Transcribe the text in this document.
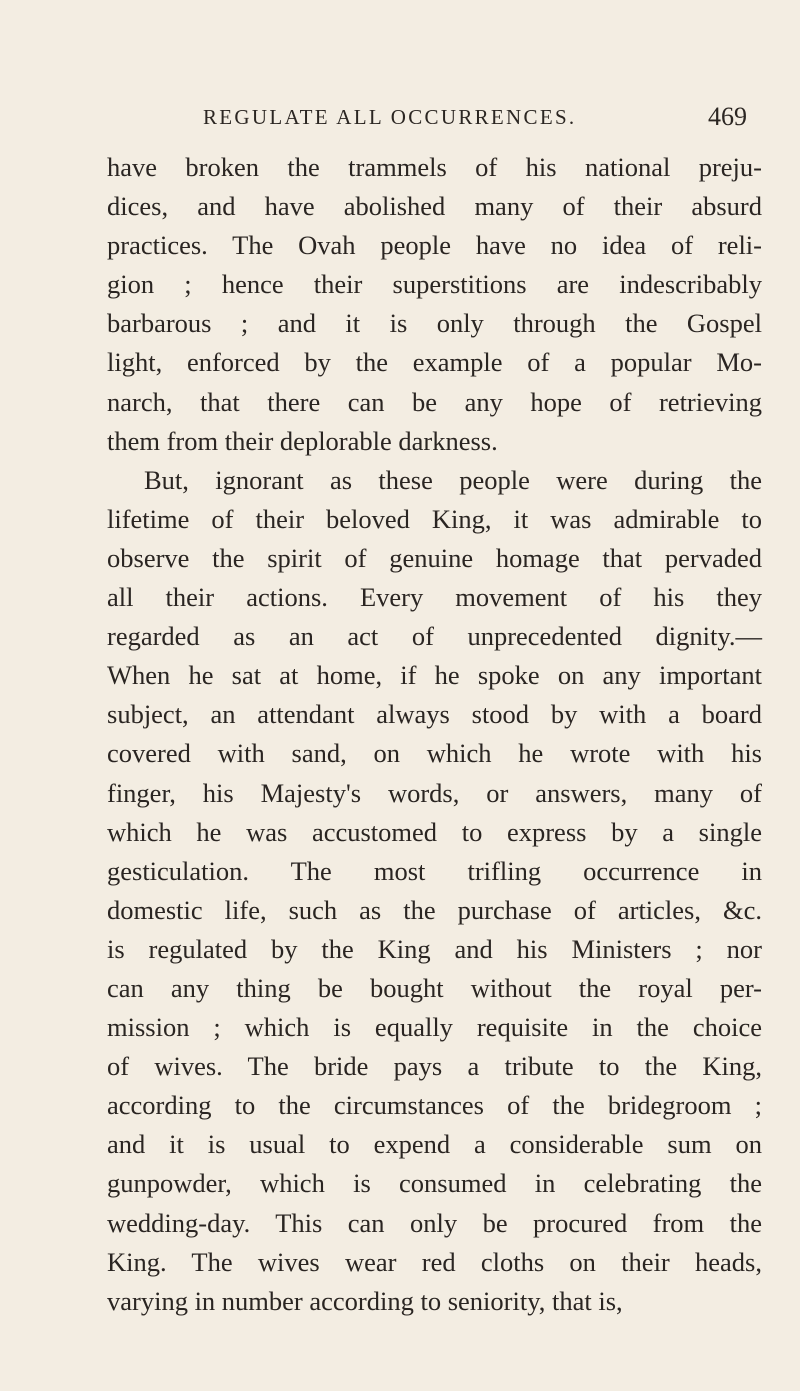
REGULATE ALL OCCURRENCES.	469
have broken the trammels of his national preju-
dices, and have abolished many of their absurd
practices. The Ovah people have no idea of reli-
gion ; hence their superstitions are indescribably
barbarous ; and it is only through the Gospel
light, enforced by the example of a popular Mo-
narch, that there can be any hope of retrieving
them from their deplorable darkness.
But, ignorant as these people were during the
lifetime of their beloved King, it was admirable to
observe the spirit of genuine homage that pervaded
all their actions. Every movement of his they
regarded as an act of unprecedented dignity.—
When he sat at home, if he spoke on any important
subject, an attendant always stood by with a board
covered with sand, on which he wrote with his
finger, his Majesty's words, or answers, many of
which he was accustomed to express by a single
gesticulation. The most trifling occurrence in
domestic life, such as the purchase of articles, &c.
is regulated by the King and his Ministers ; nor
can any thing be bought without the royal per-
mission ; which is equally requisite in the choice
of wives. The bride pays a tribute to the King,
according to the circumstances of the bridegroom ;
and it is usual to expend a considerable sum on
gunpowder, which is consumed in celebrating the
wedding-day. This can only be procured from the
King. The wives wear red cloths on their heads,
varying in number according to seniority, that is,
